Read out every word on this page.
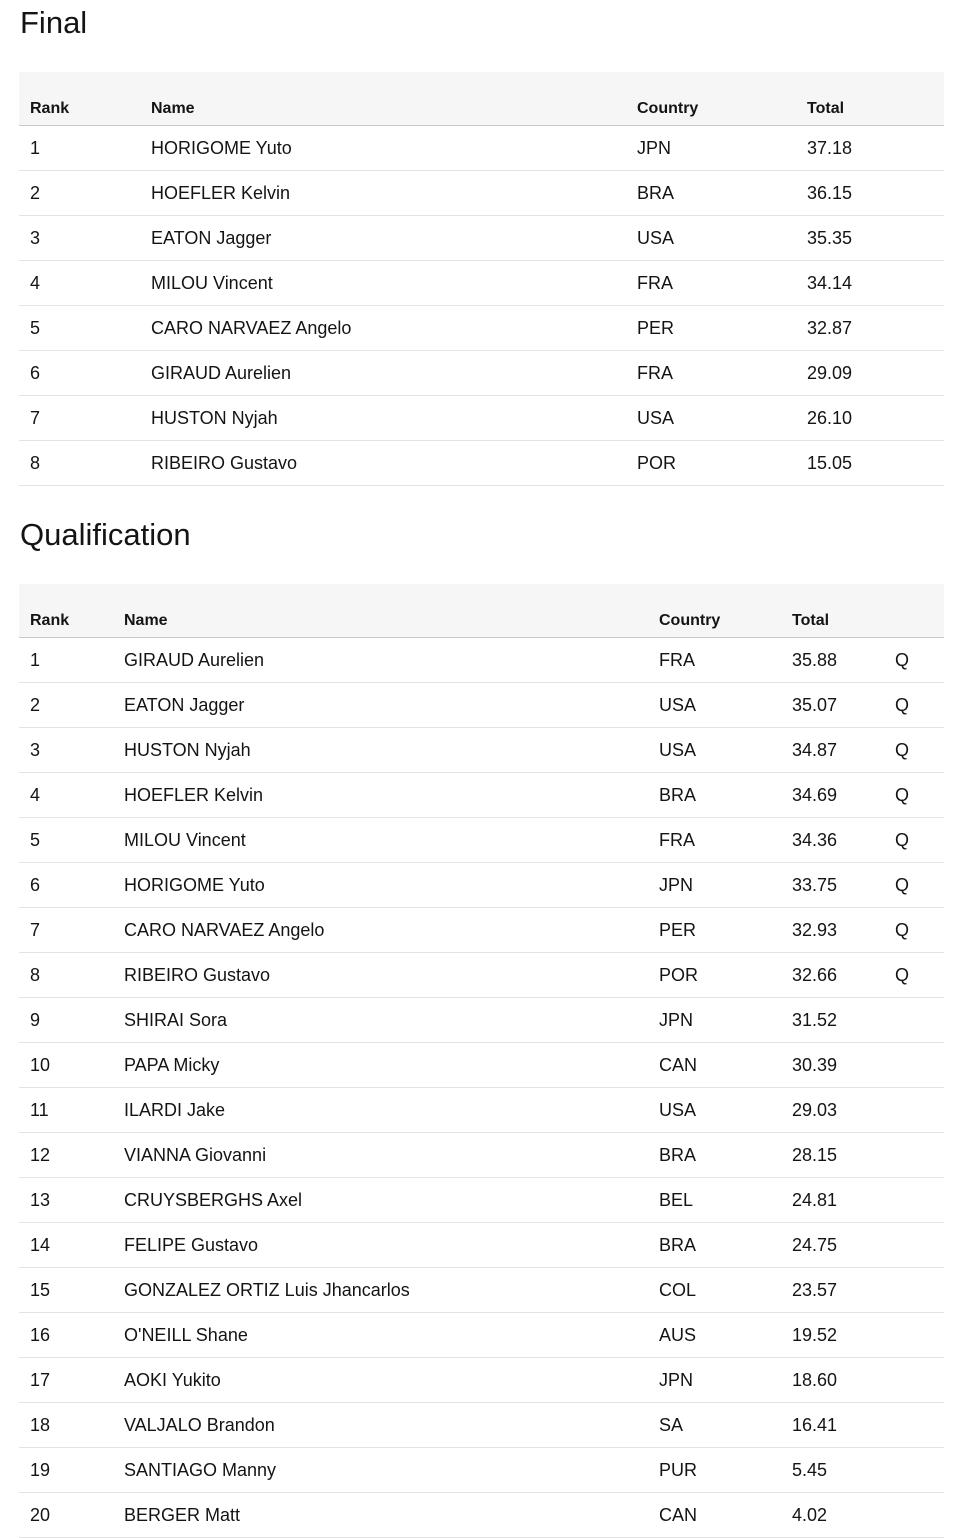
Final
Rank	Name	Country	Total
1	HORIGOME Yuto	JPN	37.18
2	HOEFLER Kelvin	BRA	36.15
3	EATON Jagger	USA	35.35
4	MILOU Vincent	FRA	34.14
5	CARO NARVAEZ Angelo	PER	32.87
6	GIRAUD Aurelien	FRA	29.09
7	HUSTON Nyjah	USA	26.10
8	RIBEIRO Gustavo	POR	15.05
Qualification
Rank	Name	Country	Total	
1	GIRAUD Aurelien	FRA	35.88	Q
2	EATON Jagger	USA	35.07	Q
3	HUSTON Nyjah	USA	34.87	Q
4	HOEFLER Kelvin	BRA	34.69	Q
5	MILOU Vincent	FRA	34.36	Q
6	HORIGOME Yuto	JPN	33.75	Q
7	CARO NARVAEZ Angelo	PER	32.93	Q
8	RIBEIRO Gustavo	POR	32.66	Q
9	SHIRAI Sora	JPN	31.52	
10	PAPA Micky	CAN	30.39	
11	ILARDI Jake	USA	29.03	
12	VIANNA Giovanni	BRA	28.15	
13	CRUYSBERGHS Axel	BEL	24.81	
14	FELIPE Gustavo	BRA	24.75	
15	GONZALEZ ORTIZ Luis Jhancarlos	COL	23.57	
16	O'NEILL Shane	AUS	19.52	
17	AOKI Yukito	JPN	18.60	
18	VALJALO Brandon	SA	16.41	
19	SANTIAGO Manny	PUR	5.45	
20	BERGER Matt	CAN	4.02	
